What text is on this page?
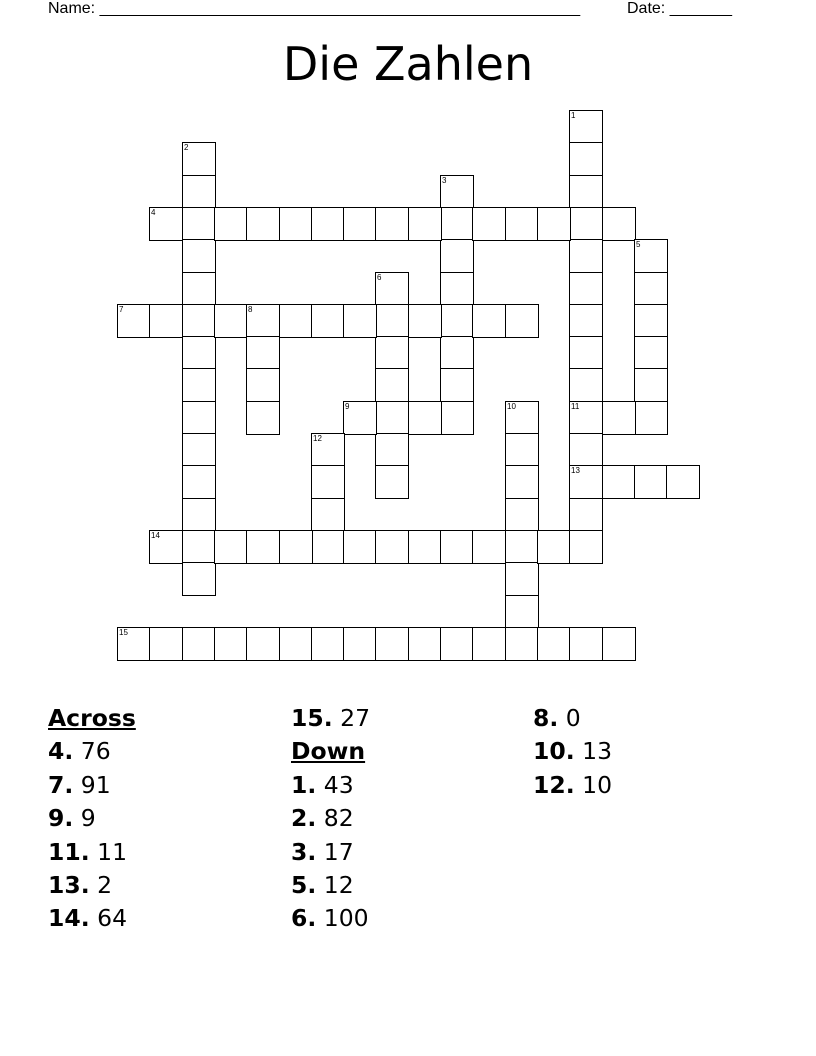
Name: ______________________________________________________	Date: _______
Die Zahlen
1
11
13
2
3
4
5
6
7	8
9	10
12
14
15
Across
4. 76
7. 91
9. 9
11. 11
13. 2
14. 64
15. 27
Down
1. 43
2. 82
3. 17
5. 12
6. 100
8. 0
10. 13
12. 10
